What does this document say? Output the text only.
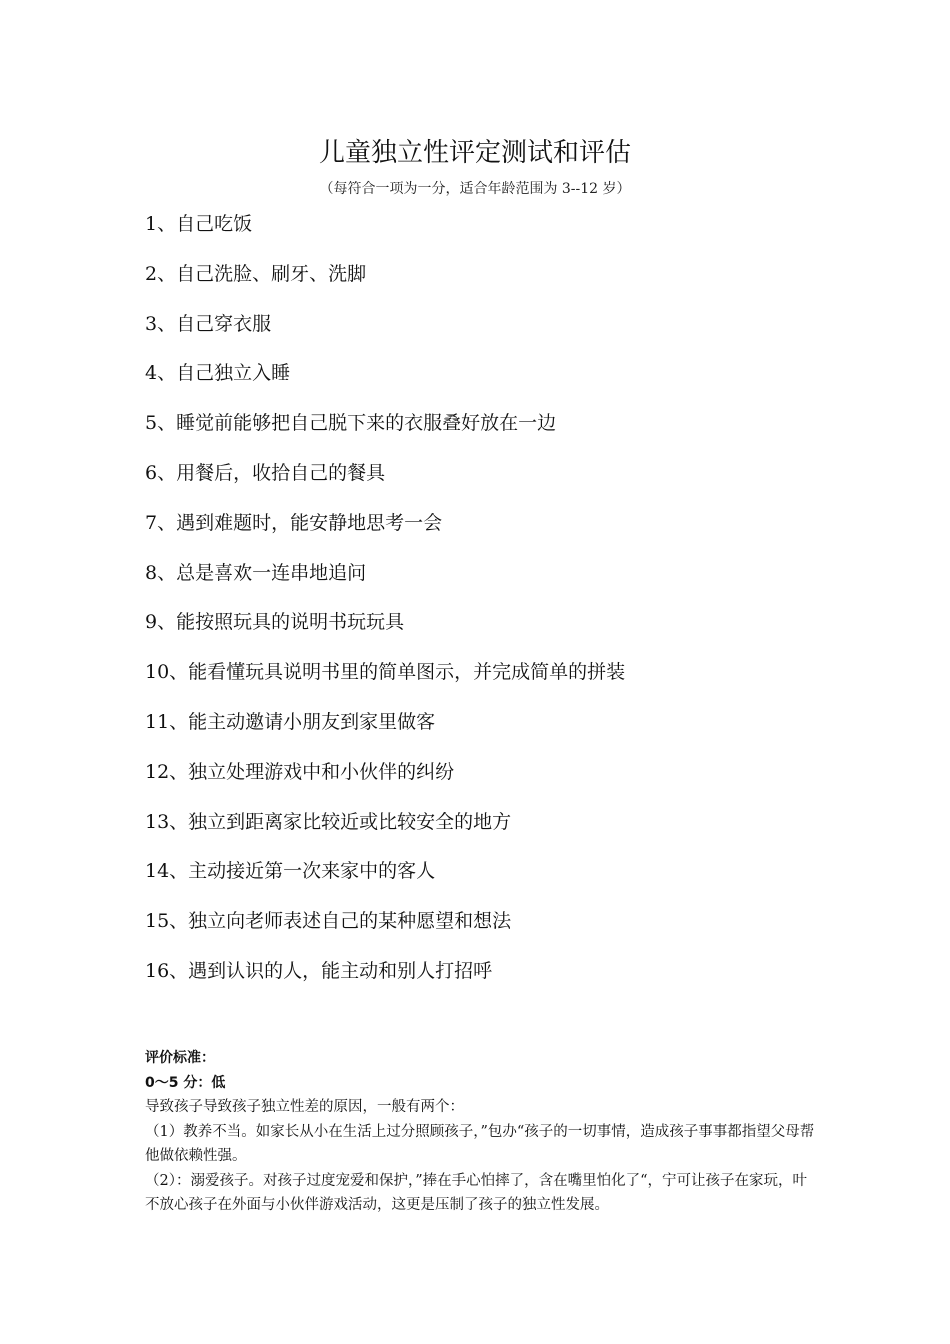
儿童独立性评定测试和评估
（每符合一项为一分，适合年龄范围为 3--12 岁）
1、自己吃饭
2、自己洗脸、刷牙、洗脚
3、自己穿衣服
4、自己独立入睡
5、睡觉前能够把自己脱下来的衣服叠好放在一边
6、用餐后，收拾自己的餐具
7、遇到难题时，能安静地思考一会
8、总是喜欢一连串地追问
9、能按照玩具的说明书玩玩具
10、能看懂玩具说明书里的简单图示，并完成简单的拼装
11、能主动邀请小朋友到家里做客
12、独立处理游戏中和小伙伴的纠纷
13、独立到距离家比较近或比较安全的地方
14、主动接近第一次来家中的客人
15、独立向老师表述自己的某种愿望和想法
16、遇到认识的人，能主动和别人打招呼

评价标准：

0～5 分：低

导致孩子导致孩子独立性差的原因，一般有两个：

（1）教养不当。如家长从小在生活上过分照顾孩子，”包办“孩子的一切事情，造成孩子事事都指望父母帮他做依赖性强。

（2）：溺爱孩子。对孩子过度宠爱和保护，”捧在手心怕摔了，含在嘴里怕化了“，宁可让孩子在家玩，叶不放心孩子在外面与小伙伴游戏活动，这更是压制了孩子的独立性发展。
